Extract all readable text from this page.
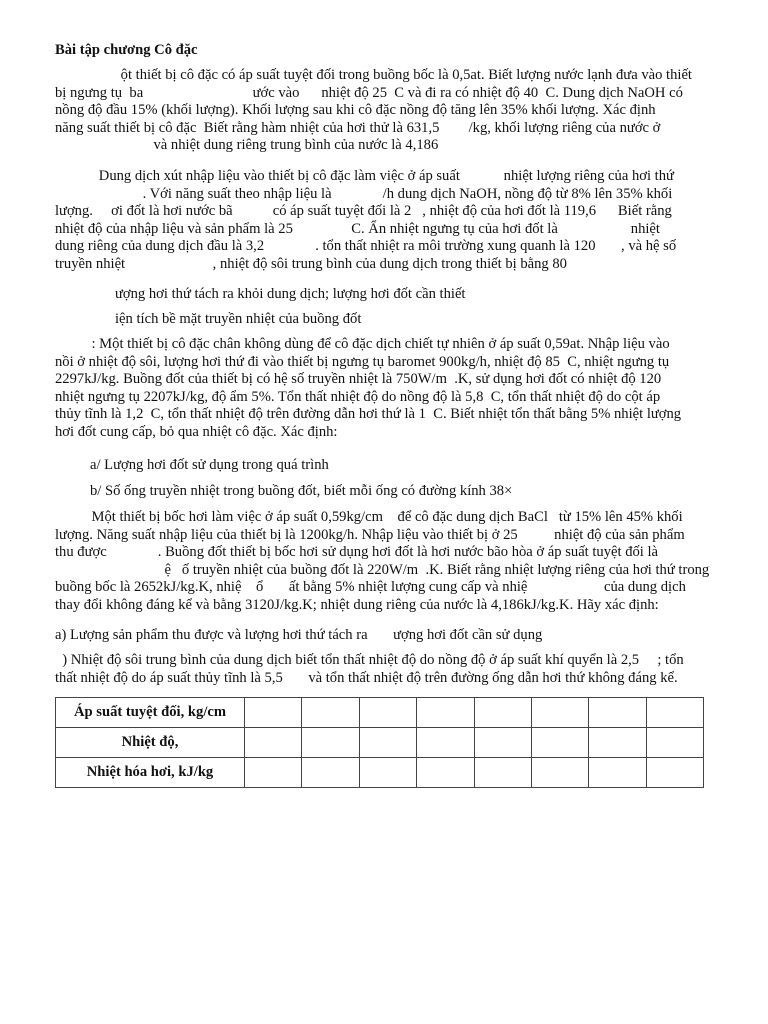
Bài tập chương Cô đặc

ột thiết bị cô đặc có áp suất tuyệt đối trong buồng bốc là 0,5at. Biết lượng nước lạnh đưa vào thiết

bị ngưng tụ  ba                              ước vào      nhiệt độ 25  C và đi ra có nhiệt độ 40  C. Dung dịch NaOH có

nồng độ đầu 15% (khối lượng). Khối lượng sau khi cô đặc nồng độ tăng lên 35% khối lượng. Xác định

năng suất thiết bị cô đặc  Biết rằng hàm nhiệt của hơi thử là 631,5        /kg, khối lượng riêng của nước ở

và nhiệt dung riêng trung bình của nước là 4,186

Dung dịch xút nhập liệu vào thiết bị cô đặc làm việc ở áp suất            nhiệt lượng riêng của hơi thứ

. Với năng suất theo nhập liệu là              /h dung dịch NaOH, nồng độ từ 8% lên 35% khối

lượng.     ơi đốt là hơi nước bã           có áp suất tuyệt đối là 2   , nhiệt độ của hơi đốt là 119,6      Biết rằng

nhiệt độ của nhập liệu và sản phẩm là 25                C. Ẩn nhiệt ngưng tụ của hơi đốt là                    nhiệt

dung riêng của dung dịch đầu là 3,2              . tổn thất nhiệt ra môi trường xung quanh là 120       , và hệ số

truyền nhiệt                        , nhiệt độ sôi trung bình của dung dịch trong thiết bị bằng 80

ượng hơi thứ tách ra khỏi dung dịch; lượng hơi đốt cần thiết

iện tích bề mặt truyền nhiệt của buồng đốt

: Một thiết bị cô đặc chân không dùng để cô đặc dịch chiết tự nhiên ở áp suất 0,59at. Nhập liệu vào

nồi ở nhiệt độ sôi, lượng hơi thứ đi vào thiết bị ngưng tụ baromet 900kg/h, nhiệt độ 85  C, nhiệt ngưng tụ

2297kJ/kg. Buồng đốt của thiết bị có hệ số truyền nhiệt là 750W/m  .K, sử dụng hơi đốt có nhiệt độ 120

nhiệt ngưng tụ 2207kJ/kg, độ ẩm 5%. Tổn thất nhiệt độ do nồng độ là 5,8  C, tổn thất nhiệt độ do cột áp

thủy tĩnh là 1,2  C, tổn thất nhiệt độ trên đường dẫn hơi thứ là 1  C. Biết nhiệt tổn thất bằng 5% nhiệt lượng

hơi đốt cung cấp, bỏ qua nhiệt cô đặc. Xác định:

a/ Lượng hơi đốt sử dụng trong quá trình

b/ Số ống truyền nhiệt trong buồng đốt, biết mỗi ống có đường kính 38×

Một thiết bị bốc hơi làm việc ở áp suất 0,59kg/cm    để cô đặc dung dịch BaCl   từ 15% lên 45% khối

lượng. Năng suất nhập liệu của thiết bị là 1200kg/h. Nhập liệu vào thiết bị ở 25          nhiệt độ của sản phẩm

thu được              . Buồng đốt thiết bị bốc hơi sử dụng hơi đốt là hơi nước bão hòa ở áp suất tuyệt đối là

ệ   ố truyền nhiệt của buồng đốt là 220W/m  .K. Biết rằng nhiệt lượng riêng của hơi thứ trong

buồng bốc là 2652kJ/kg.K, nhiệ    ổ       ất bằng 5% nhiệt lượng cung cấp và nhiệ                     của dung dịch

thay đổi không đáng kể và bằng 3120J/kg.K; nhiệt dung riêng của nước là 4,186kJ/kg.K. Hãy xác định:

a) Lượng sản phẩm thu được và lượng hơi thứ tách ra       ượng hơi đốt cần sử dụng

) Nhiệt độ sôi trung bình của dung dịch biết tổn thất nhiệt độ do nồng độ ở áp suất khí quyển là 2,5     ; tổn

thất nhiệt độ do áp suất thủy tĩnh là 5,5       và tổn thất nhiệt độ trên đường ống dẫn hơi thứ không đáng kể.

Áp suất tuyệt đối, kg/cm								
Nhiệt độ,								
Nhiệt hóa hơi, kJ/kg								
